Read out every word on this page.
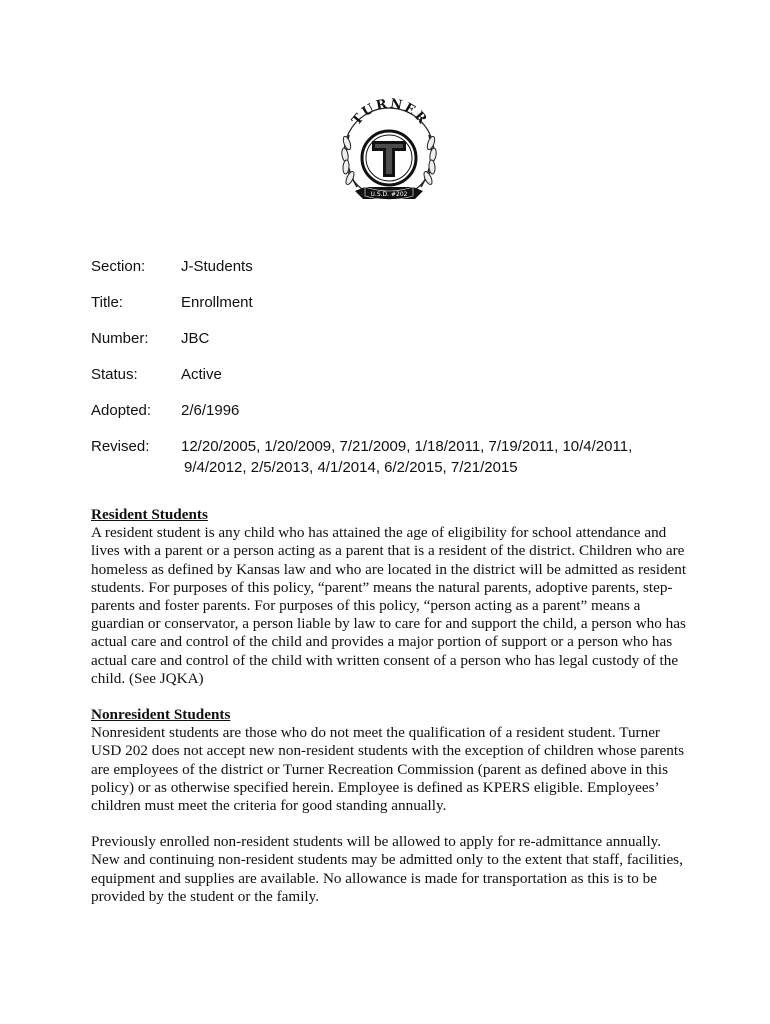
TURNER
U.S.D. #202
Section:	J-Students
Title:	Enrollment
Number:	JBC
Status:	Active
Adopted:	2/6/1996
Revised:	12/20/2005, 1/20/2009, 7/21/2009, 1/18/2011, 7/19/2011, 10/4/2011,
9/4/2012, 2/5/2013, 4/1/2014, 6/2/2015, 7/21/2015
Resident Students

A resident student is any child who has attained the age of eligibility for school attendance and lives with a parent or a person acting as a parent that is a resident of the district. Children who are homeless as defined by Kansas law and who are located in the district will be admitted as resident students. For purposes of this policy, “parent” means the natural parents, adoptive parents, step-parents and foster parents. For purposes of this policy, “person acting as a parent” means a guardian or conservator, a person liable by law to care for and support the child, a person who has actual care and control of the child and provides a major portion of support or a person who has actual care and control of the child with written consent of a person who has legal custody of the child. (See JQKA)

Nonresident Students

Nonresident students are those who do not meet the qualification of a resident student. Turner USD 202 does not accept new non-resident students with the exception of children whose parents are employees of the district or Turner Recreation Commission (parent as defined above in this policy) or as otherwise specified herein. Employee is defined as KPERS eligible. Employees’ children must meet the criteria for good standing annually.

Previously enrolled non-resident students will be allowed to apply for re-admittance annually. New and continuing non-resident students may be admitted only to the extent that staff, facilities, equipment and supplies are available. No allowance is made for transportation as this is to be provided by the student or the family.
